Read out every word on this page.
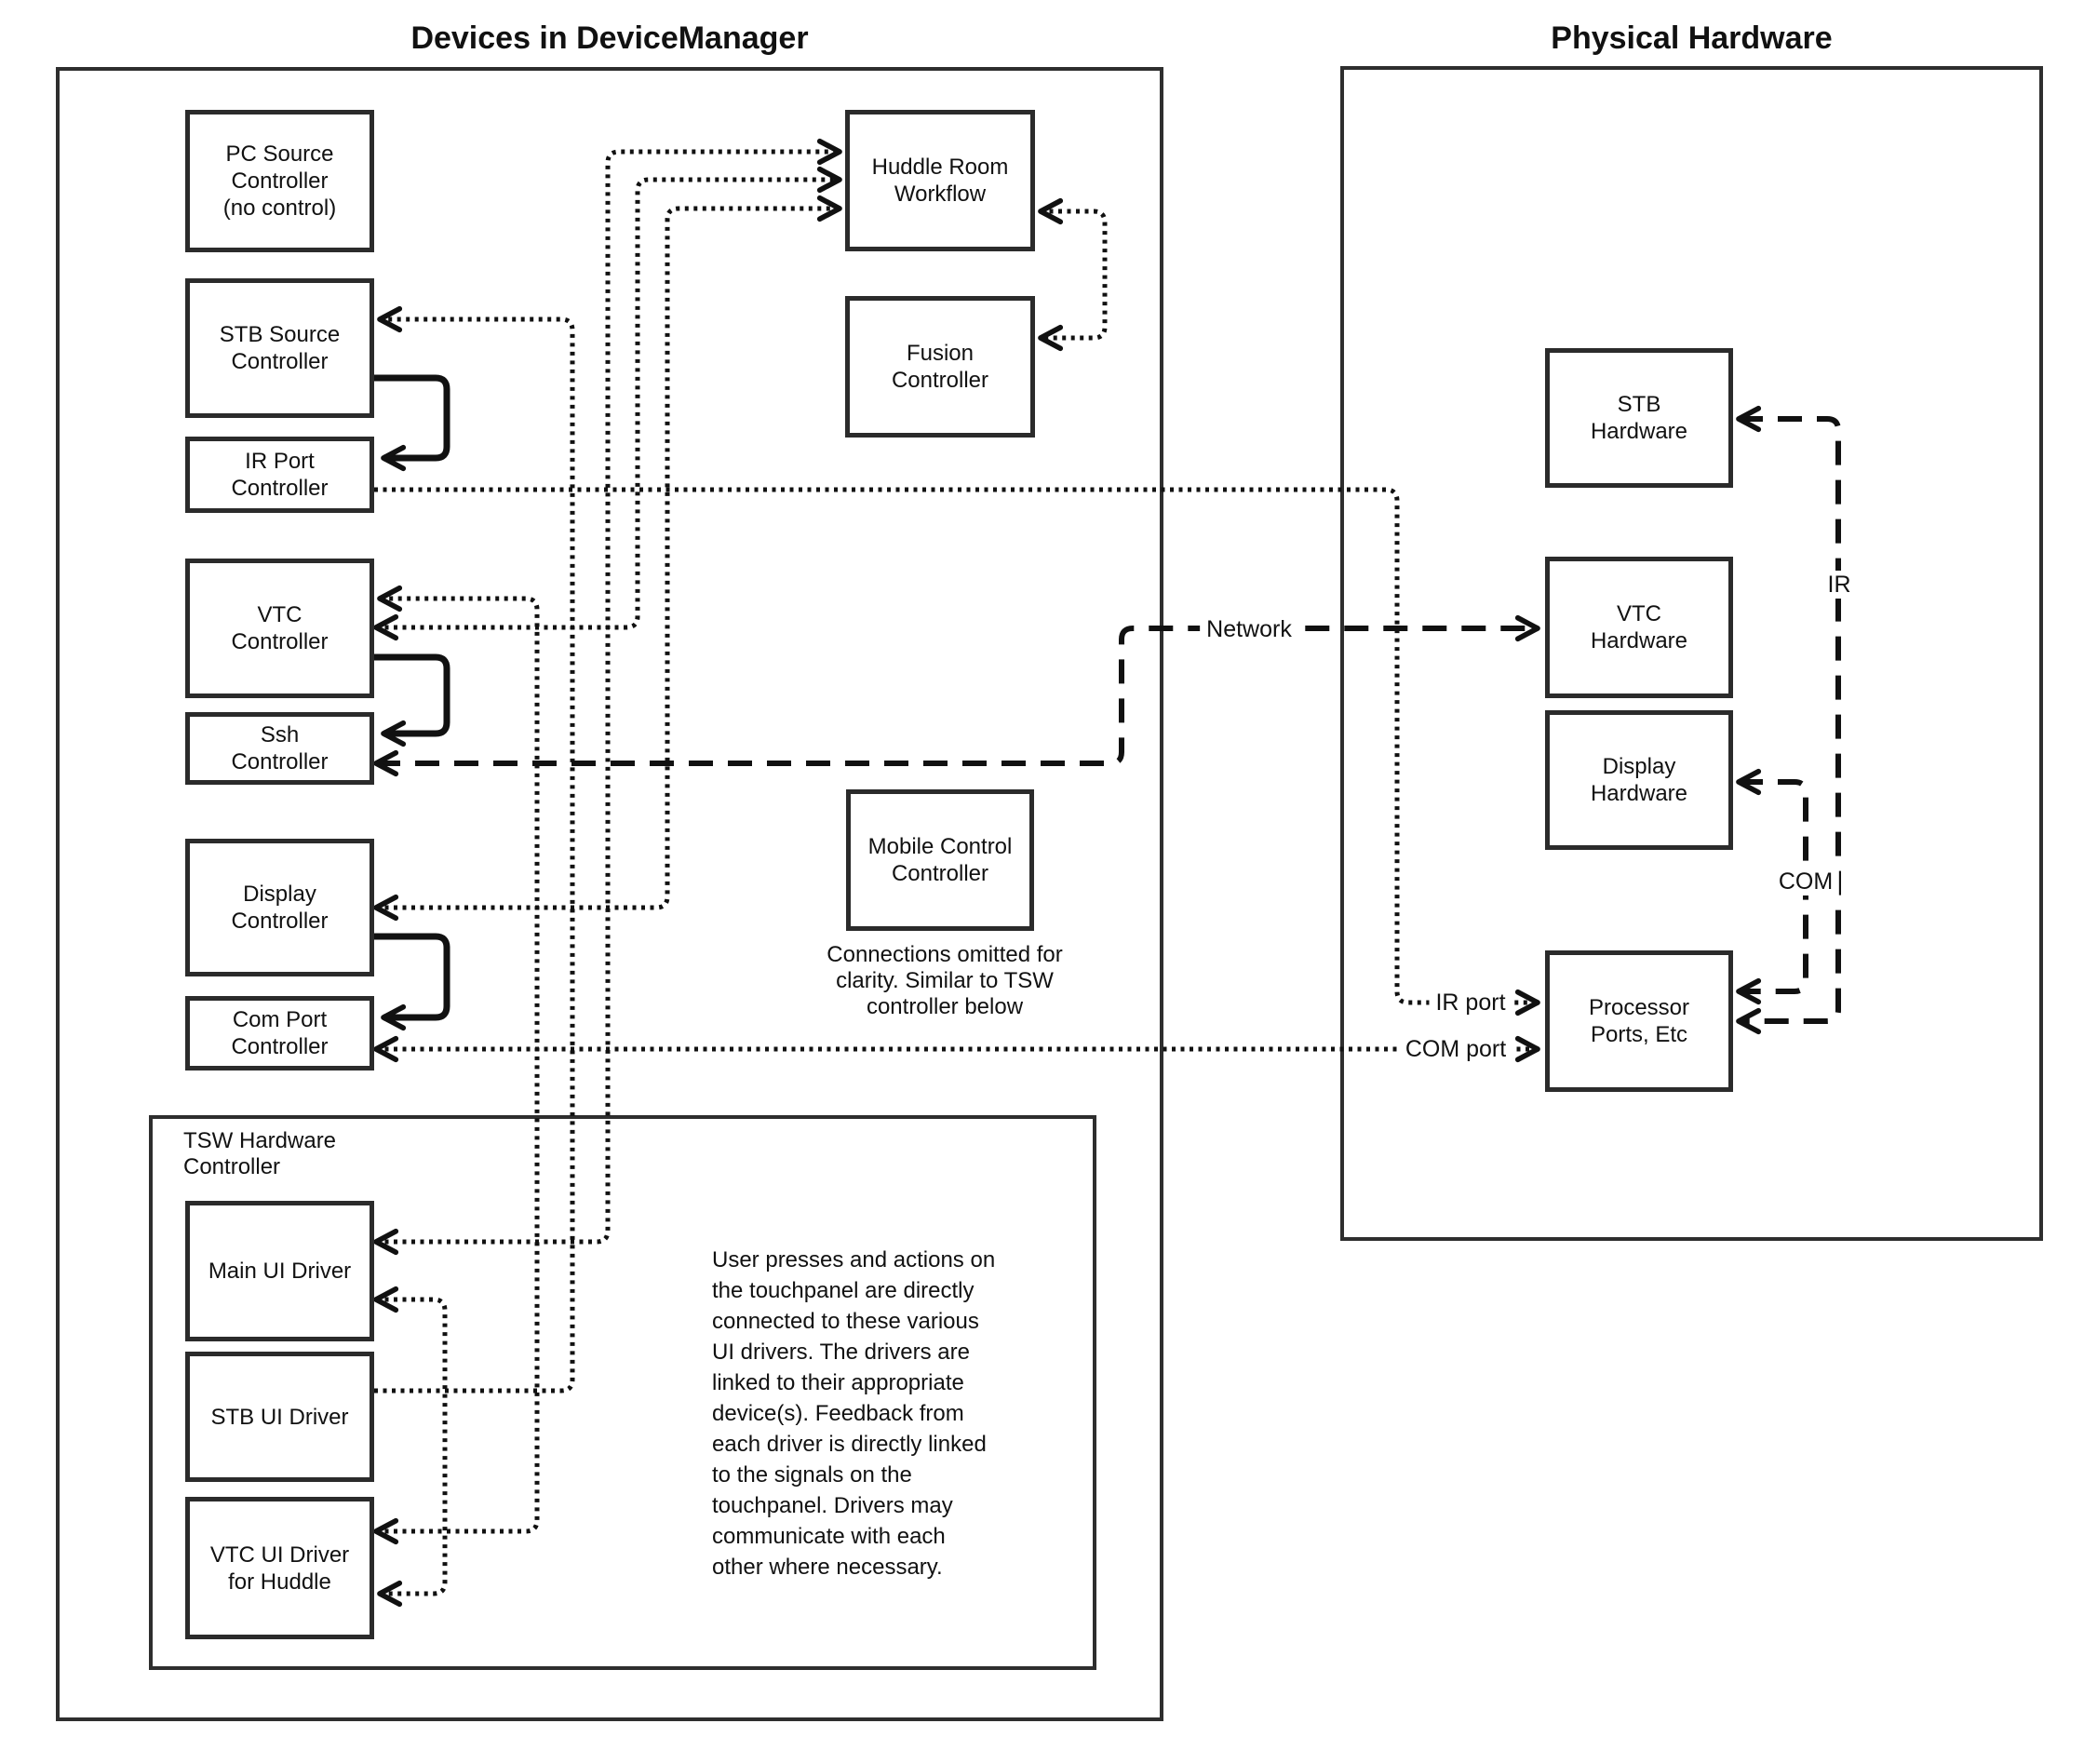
Devices in DeviceManager	Physical Hardware
PC Source
Controller
(no control)
STB Source
Controller
IR Port
Controller
VTC
Controller
Ssh
Controller
Display
Controller
Com Port
Controller
TSW Hardware
Controller
Main UI Driver
STB UI Driver
VTC UI Driver
for Huddle
Huddle Room
Workflow
Fusion
Controller
Mobile Control
Controller
Connections omitted for
clarity. Similar to TSW
controller below
User presses and actions on
the touchpanel are directly
connected to these various
UI drivers. The drivers are
linked to their appropriate
device(s). Feedback from
each driver is directly linked
to the signals on the
touchpanel. Drivers may
communicate with each
other where necessary.
STB
Hardware
VTC
Hardware
Display
Hardware
Processor
Ports, Etc
Network
IR
COM
IR port
COM port
